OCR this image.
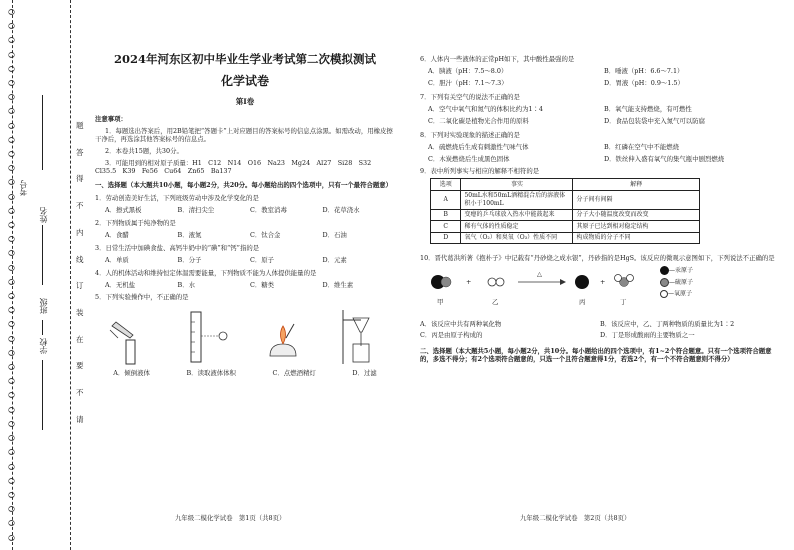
O
O
O
O
O
O
O
O
O
O
O
O
O
O
O
O
O
O
O
O
O
O
O
O
O
O
O
O
O
O
O
O
O
O
O
O
O
O
考号
姓名
班级
学校
题
答
得
不
内
线
订
装
在
要
不
请
2024年河东区初中毕业生学业考试第二次模拟测试
化学试卷
第Ⅰ卷

注意事项：

1．每题选出答案后，用2B铅笔把“答题卡”上对应题目的答案标号的信息点涂黑。如需改动，用橡皮擦干净后，再选涂其他答案标号的信息点。

2．本卷共15题，共30分。

3．可能用到的相对原子质量：H1　C12　N14　O16　Na23　Mg24　Al27　Si28　S32　Cl35.5　K39　Fe56　Cu64　Zn65　Ba137

一、选择题（本大题共10小题，每小题2分，共20分。每小题给出的四个选项中，只有一个最符合题意）

1．劳动创造美好生活，下列班级劳动中涉及化学变化的是

A．擦式黑板	B．清扫尖尘	C．教室消毒	D．花草浇水

2．下列物质属于纯净物的是

A．食醋	B．液氮	C．钛合金	D．石油

3．日常生活中加碘食盐、高钙牛奶中的“碘”和“钙”指的是

A．单质	B．分子	C．原子	D．元素

4．人的机体活动和维持恒定体温需要能量，下列物质不能为人体提供能量的是

A．无机盐	B．水	C．糖类	D．维生素

5．下列实验操作中，不正确的是

A．倾倒液体	B．读取液体体积	C．点燃酒精灯	D．过滤
九年级二模化学试卷　第1页（共8页）

6．人体内一些液体的正常pH如下，其中酸性最强的是

A．胰液（pH：7.5～8.0）	B．唾液（pH：6.6～7.1）
C．胆汁（pH：7.1～7.3）	D．胃液（pH：0.9～1.5）

7．下列有关空气的说法不正确的是

A．空气中氧气和氮气的体积比约为1∶4	B．氧气能支持燃烧，有可燃性
C．二氧化碳是植物光合作用的原料	D．食品包装袋中充入氮气可以防腐

8．下列对实验现象的描述正确的是

A．硫燃烧后生成有刺激性气味气体	B．红磷在空气中不能燃烧
C．木炭燃烧后生成黑色固体	D．铁丝伸入盛有氧气的集气瓶中剧烈燃烧

9．表中所列事实与相应的解释不相符的是

选项	事实	解释
A	50mL水和50mL酒精混合后的溶液体积小于100mL	分子间有间隔
B	变瘪的乒乓球放入热水中能鼓起来	分子大小随温度改变而改变
C	稀有气体的性质稳定	其原子已达到相对稳定结构
D	氧气（O₂）和臭氧（O₃）性质不同	构成物质的分子不同

10．晋代葛洪所著《抱朴子》中记载有“丹砂烧之成水银”，丹砂指的是HgS。该反应的微观示意图如下，下列说法不正确的是

+
△
+
甲	乙	丙	丁
—汞原子
—硫原子
—氧原子
A．该反应中共有两种氧化物	B．该反应中，乙、丁两种物质的质量比为1∶2
C．丙是由原子构成的	D．丁是形成酸雨的主要物质之一

二、选择题（本大题共5小题，每小题2分，共10分。每小题给出的四个选项中，有1~2个符合题意。只有一个选项符合题意的，多选不得分；有2个选项符合题意的，只选一个且符合题意得1分，若选2个，有一个不符合题意则不得分）

九年级二模化学试卷　第2页（共8页）
